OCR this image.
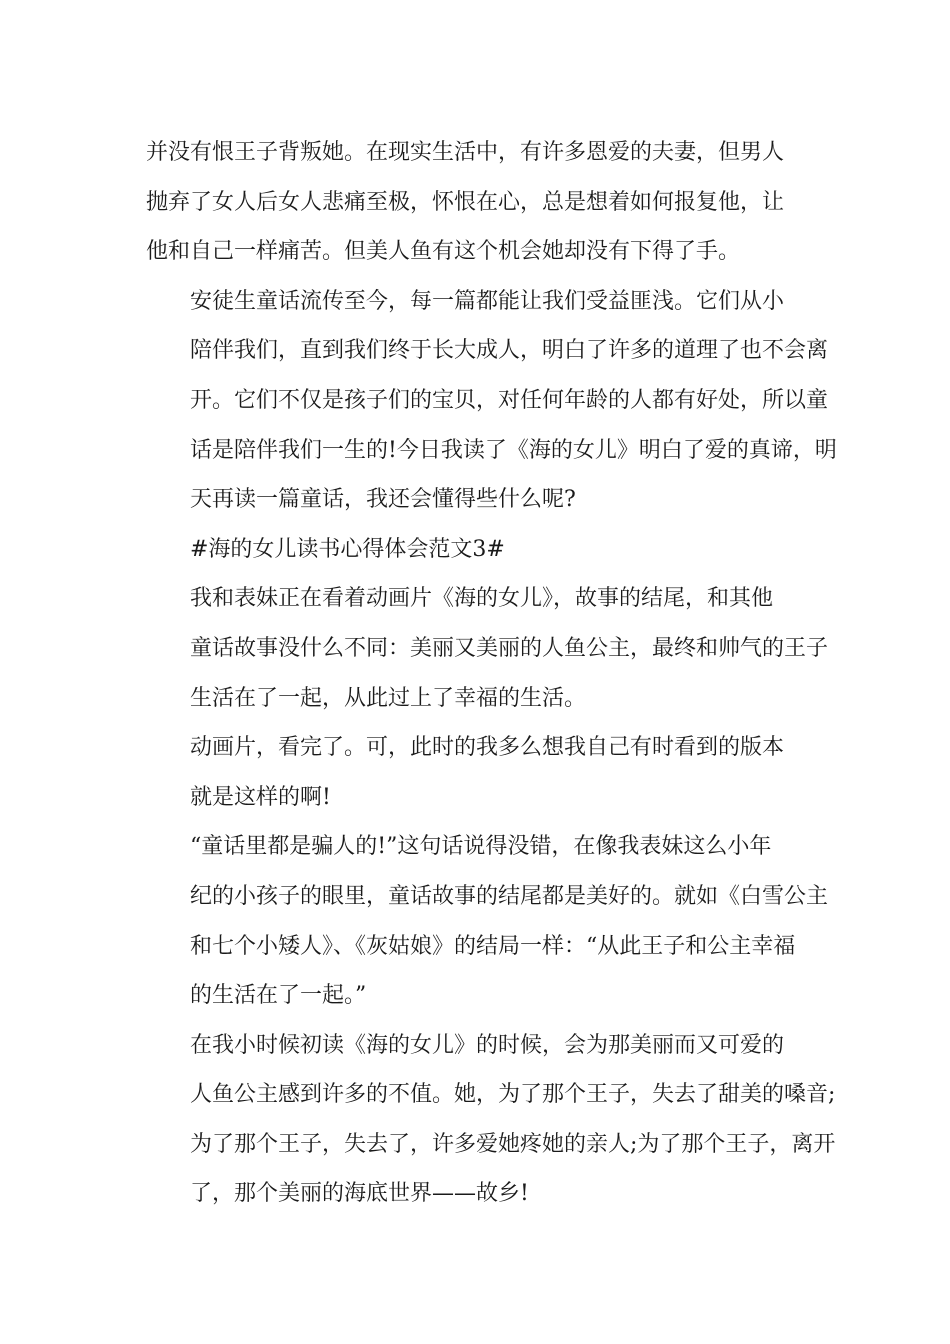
并没有恨王子背叛她。在现实生活中，有许多恩爱的夫妻，但男人
抛弃了女人后女人悲痛至极，怀恨在心，总是想着如何报复他，让
他和自己一样痛苦。但美人鱼有这个机会她却没有下得了手。

安徒生童话流传至今，每一篇都能让我们受益匪浅。它们从小
陪伴我们，直到我们终于长大成人，明白了许多的道理了也不会离
开。它们不仅是孩子们的宝贝，对任何年龄的人都有好处，所以童
话是陪伴我们一生的!今日我读了《海的女儿》明白了爱的真谛，明
天再读一篇童话，我还会懂得些什么呢?

#海的女儿读书心得体会范文3#

我和表妹正在看着动画片《海的女儿》，故事的结尾，和其他
童话故事没什么不同：美丽又美丽的人鱼公主，最终和帅气的王子
生活在了一起，从此过上了幸福的生活。

动画片，看完了。可，此时的我多么想我自己有时看到的版本
就是这样的啊!

“童话里都是骗人的!”这句话说得没错，在像我表妹这么小年
纪的小孩子的眼里，童话故事的结尾都是美好的。就如《白雪公主
和七个小矮人》、《灰姑娘》的结局一样：“从此王子和公主幸福
的生活在了一起。”

在我小时候初读《海的女儿》的时候，会为那美丽而又可爱的
人鱼公主感到许多的不值。她，为了那个王子，失去了甜美的嗓音;
为了那个王子，失去了，许多爱她疼她的亲人;为了那个王子，离开
了，那个美丽的海底世界——故乡!
